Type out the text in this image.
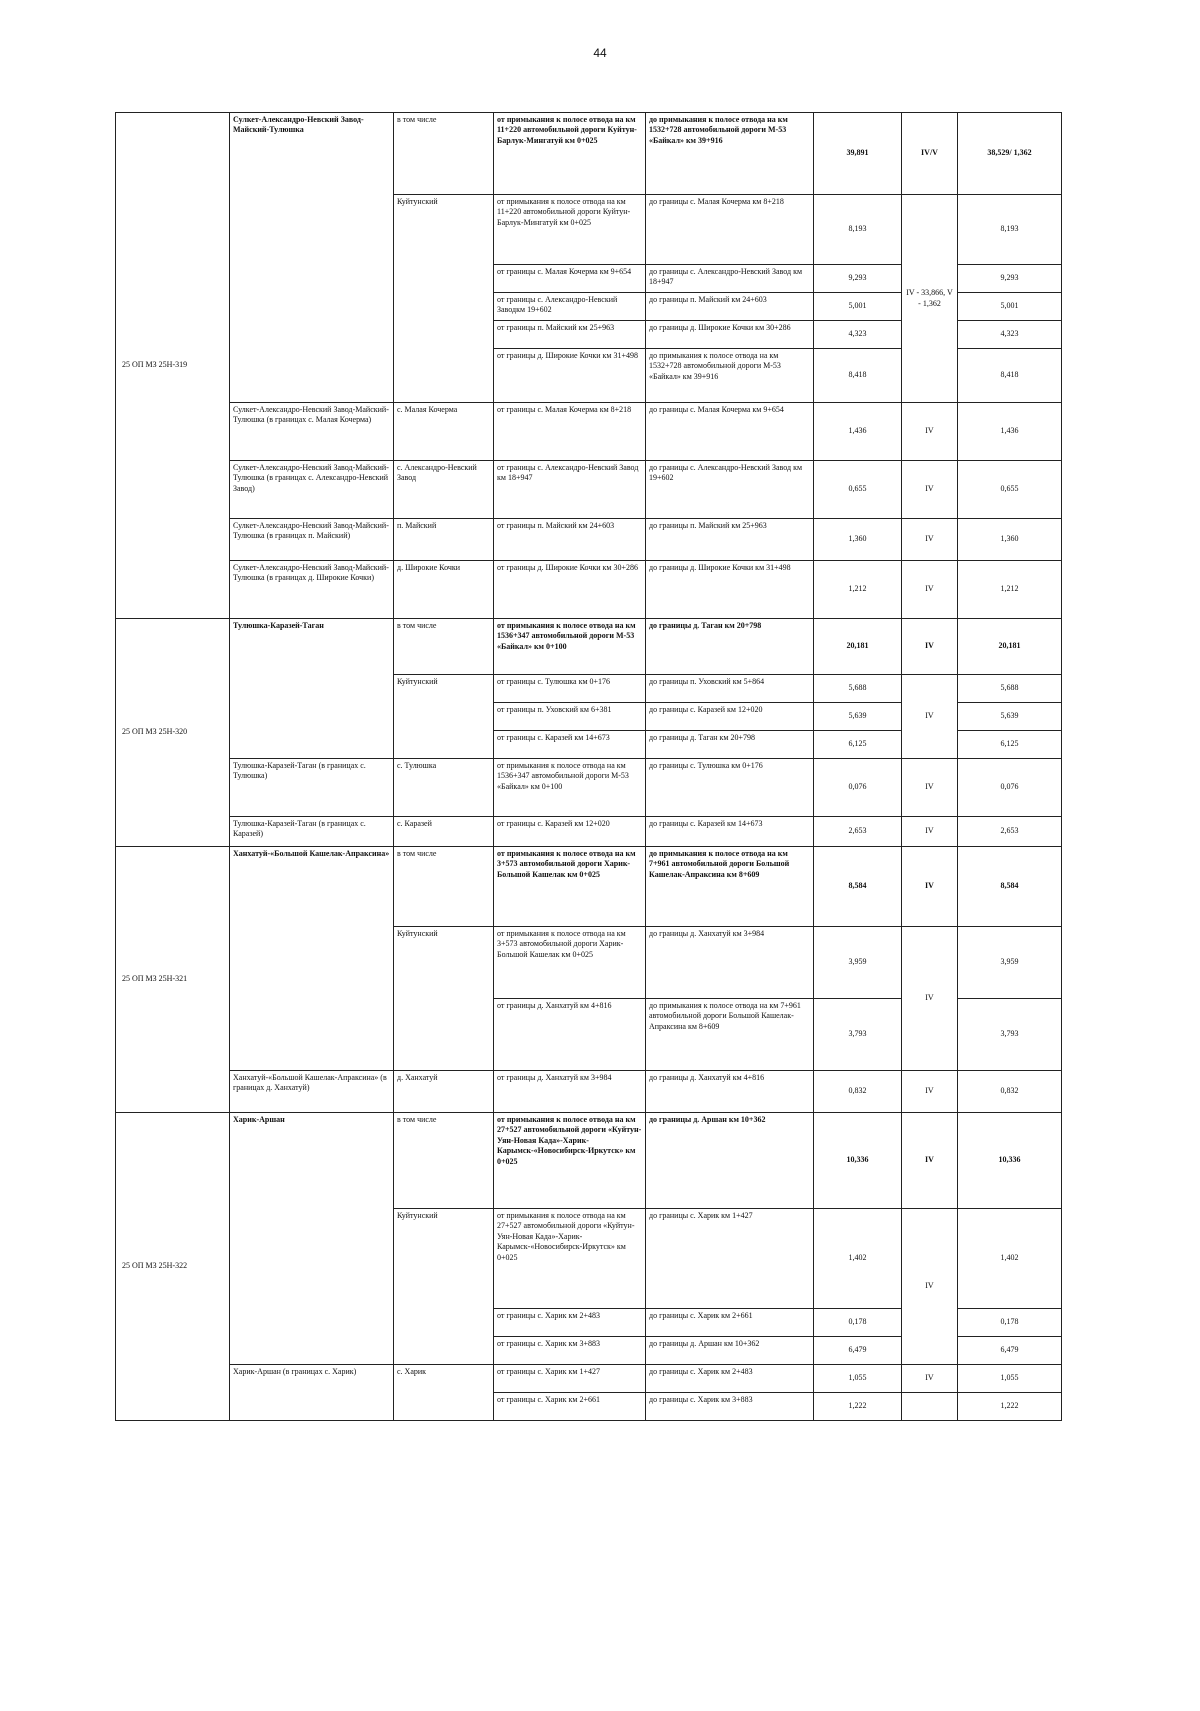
44
25 ОП МЗ 25Н-319	Сулкет-Александро-Невский Завод-Майский-Тулюшка	в том числе	от примыкания к полосе отвода на км 11+220 автомобильной дороги Куйтун-Барлук-Мингатуй км 0+025	до примыкания к полосе отвода на км 1532+728 автомобильной дороги М-53 «Байкал» км 39+916	39,891	IV/V	38,529/ 1,362
		Куйтунский	от примыкания к полосе отвода на км 11+220 автомобильной дороги Куйтун-Барлук-Мингатуй км 0+025	до границы с. Малая Кочерма км 8+218	8,193	IV - 33,866, V - 1,362	8,193
			от границы с. Малая Кочерма км 9+654	до границы с. Александро-Невский Завод км 18+947	9,293		9,293
			от границы с. Александро-Невский Заводкм 19+602	до границы п. Майский км 24+603	5,001		5,001
			от границы п. Майский км 25+963	до границы д. Широкие Кочки км 30+286	4,323		4,323
			от границы д. Широкие Кочки км 31+498	до примыкания к полосе отвода на км 1532+728 автомобильной дороги М-53 «Байкал» км 39+916	8,418		8,418
	Сулкет-Александро-Невский Завод-Майский-Тулюшка (в границах с. Малая Кочерма)	с. Малая Кочерма	от границы с. Малая Кочерма км 8+218	до границы с. Малая Кочерма км 9+654	1,436	IV	1,436
	Сулкет-Александро-Невский Завод-Майский-Тулюшка (в границах с. Александро-Невский Завод)	с. Александро-Невский Завод	от границы с. Александро-Невский Завод км 18+947	до границы с. Александро-Невский Завод км 19+602	0,655	IV	0,655
	Сулкет-Александро-Невский Завод-Майский-Тулюшка (в границах п. Майский)	п. Майский	от границы п. Майский км 24+603	до границы п. Майский км 25+963	1,360	IV	1,360
	Сулкет-Александро-Невский Завод-Майский-Тулюшка (в границах д. Широкие Кочки)	д. Широкие Кочки	от границы д. Широкие Кочки км 30+286	до границы д. Широкие Кочки км 31+498	1,212	IV	1,212
25 ОП МЗ 25Н-320	Тулюшка-Каразей-Таган	в том числе	от примыкания к полосе отвода на км 1536+347 автомобильной дороги М-53 «Байкал» км 0+100	до границы д. Таган км 20+798	20,181	IV	20,181
		Куйтунский	от границы с. Тулюшка км 0+176	до границы п. Уховский км 5+864	5,688	IV	5,688
			от границы п. Уховский км 6+381	до границы с. Каразей км 12+020	5,639		5,639
			от границы с. Каразей км 14+673	до границы д. Таган км 20+798	6,125		6,125
	Тулюшка-Каразей-Таган (в границах с. Тулюшка)	с. Тулюшка	от примыкания к полосе отвода на км 1536+347 автомобильной дороги М-53 «Байкал» км 0+100	до границы с. Тулюшка км 0+176	0,076	IV	0,076
	Тулюшка-Каразей-Таган (в границах с. Каразей)	с. Каразей	от границы с. Каразей км 12+020	до границы с. Каразей км 14+673	2,653	IV	2,653
25 ОП МЗ 25Н-321	Ханхатуй-«Большой Кашелак-Апраксина»	в том числе	от примыкания к полосе отвода на км 3+573 автомобильной дороги Харик-Большой Кашелак км 0+025	до примыкания к полосе отвода на км 7+961 автомобильной дороги Большой Кашелак-Апраксина км 8+609	8,584	IV	8,584
		Куйтунский	от примыкания к полосе отвода на км 3+573 автомобильной дороги Харик-Большой Кашелак км 0+025	до границы д. Ханхатуй км 3+984	3,959	IV	3,959
			от границы д. Ханхатуй км 4+816	до примыкания к полосе отвода на км 7+961 автомобильной дороги Большой Кашелак-Апраксина км 8+609	3,793		3,793
	Ханхатуй-«Большой Кашелак-Апраксина» (в границах д. Ханхатуй)	д. Ханхатуй	от границы д. Ханхатуй км 3+984	до границы д. Ханхатуй км 4+816	0,832	IV	0,832
25 ОП МЗ 25Н-322	Харик-Аршан	в том числе	от примыкания к полосе отвода на км 27+527 автомобильной дороги «Куйтун-Уян-Новая Када»-Харик-Карымск-«Новосибирск-Иркутск» км 0+025	до границы д. Аршан км 10+362	10,336	IV	10,336
		Куйтунский	от примыкания к полосе отвода на км 27+527 автомобильной дороги «Куйтун-Уян-Новая Када»-Харик-Карымск-«Новосибирск-Иркутск» км 0+025	до границы с. Харик км 1+427	1,402	IV	1,402
			от границы с. Харик км 2+483	до границы с. Харик км 2+661	0,178		0,178
			от границы с. Харик км 3+883	до границы д. Аршан км 10+362	6,479		6,479
	Харик-Аршан (в границах с. Харик)	с. Харик	от границы с. Харик км 1+427	до границы с. Харик км 2+483	1,055	IV	1,055
			от границы с. Харик км 2+661	до границы с. Харик км 3+883	1,222		1,222
